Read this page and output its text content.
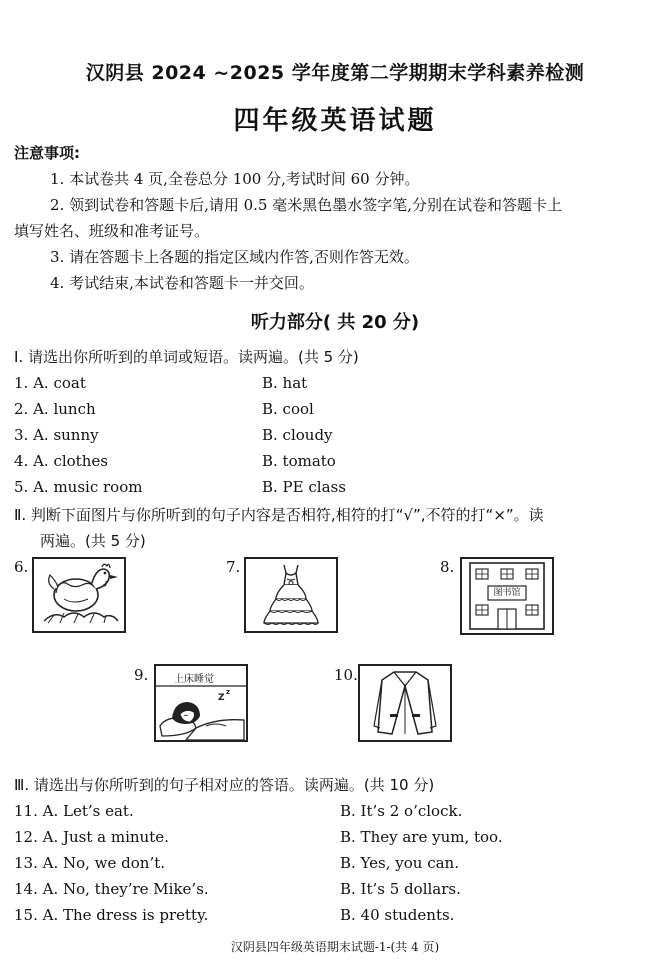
汉阴县 2024 ~2025 学年度第二学期期末学科素养检测
四年级英语试题
注意事项:
1. 本试卷共 4 页,全卷总分 100 分,考试时间 60 分钟。
2. 领到试卷和答题卡后,请用 0.5 毫米黑色墨水签字笔,分别在试卷和答题卡上
填写姓名、班级和准考证号。
3. 请在答题卡上各题的指定区域内作答,否则作答无效。
4. 考试结束,本试卷和答题卡一并交回。
听力部分( 共 20 分)
Ⅰ. 请选出你所听到的单词或短语。读两遍。(共 5 分)
1. A. coat	B. hat
2. A. lunch	B. cool
3. A. sunny	B. cloudy
4. A. clothes	B. tomato
5. A. music room	B. PE class
Ⅱ. 判断下面图片与你所听到的句子内容是否相符,相符的打“√”,不符的打“×”。读
两遍。(共 5 分)
6.	7.	8.
图书馆
9.
Z
z
上床睡觉	10.
Ⅲ. 请选出与你所听到的句子相对应的答语。读两遍。(共 10 分)
11. A. Let’s eat.	B. It’s 2 o’clock.
12. A. Just a minute.	B. They are yum, too.
13. A. No, we don’t.	B. Yes, you can.
14. A. No, they’re Mike’s.	B. It’s 5 dollars.
15. A. The dress is pretty.	B. 40 students.
汉阴县四年级英语期末试题-1-(共 4 页)
